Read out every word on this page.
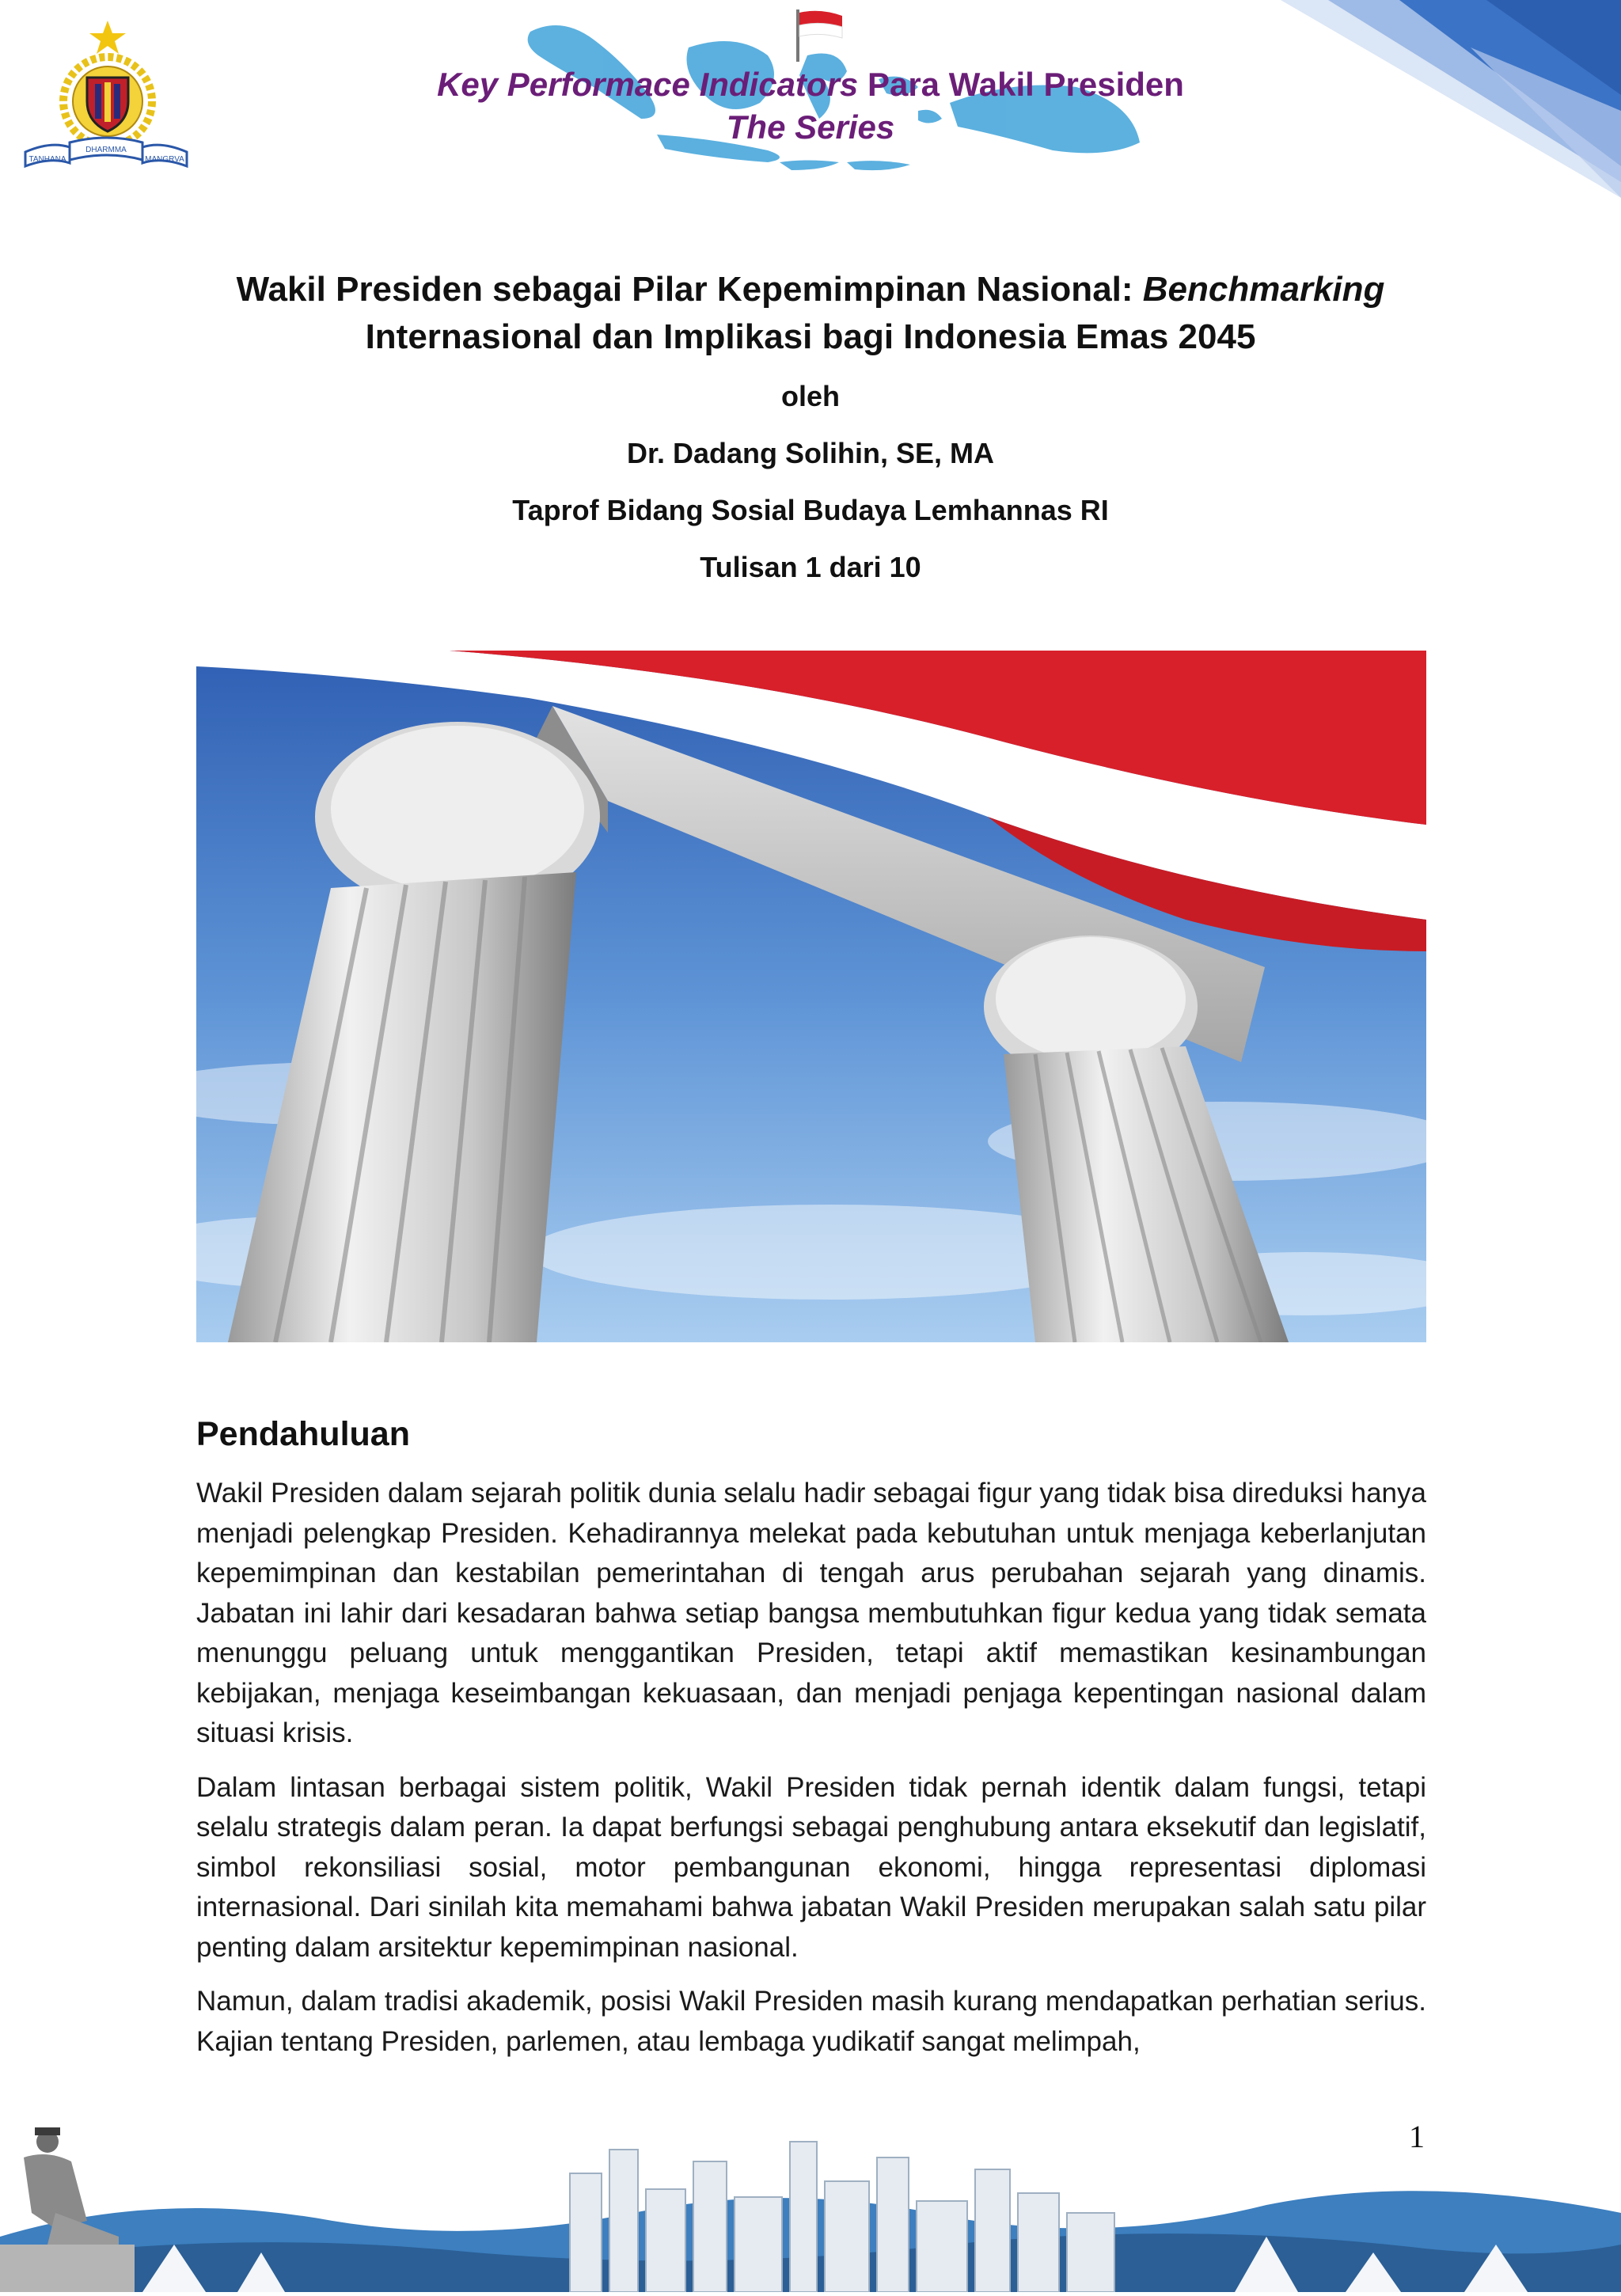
TANHANA
DHARMMA
MANGRVA
Key Performace Indicators Para Wakil Presiden
The Series

Wakil Presiden sebagai Pilar Kepemimpinan Nasional: Benchmarking

Internasional dan Implikasi bagi Indonesia Emas 2045

oleh

Dr. Dadang Solihin, SE, MA

Taprof Bidang Sosial Budaya Lemhannas RI

Tulisan 1 dari 10

Pendahuluan

Wakil Presiden dalam sejarah politik dunia selalu hadir sebagai figur yang tidak bisa direduksi hanya menjadi pelengkap Presiden. Kehadirannya melekat pada kebutuhan untuk menjaga keberlanjutan kepemimpinan dan kestabilan pemerintahan di tengah arus perubahan sejarah yang dinamis. Jabatan ini lahir dari kesadaran bahwa setiap bangsa membutuhkan figur kedua yang tidak semata menunggu peluang untuk menggantikan Presiden, tetapi aktif memastikan kesinambungan kebijakan, menjaga keseimbangan kekuasaan, dan menjadi penjaga kepentingan nasional dalam situasi krisis.

Dalam lintasan berbagai sistem politik, Wakil Presiden tidak pernah identik dalam fungsi, tetapi selalu strategis dalam peran. Ia dapat berfungsi sebagai penghubung antara eksekutif dan legislatif, simbol rekonsiliasi sosial, motor pembangunan ekonomi, hingga representasi diplomasi internasional. Dari sinilah kita memahami bahwa jabatan Wakil Presiden merupakan salah satu pilar penting dalam arsitektur kepemimpinan nasional.

Namun, dalam tradisi akademik, posisi Wakil Presiden masih kurang mendapatkan perhatian serius. Kajian tentang Presiden, parlemen, atau lembaga yudikatif sangat melimpah,

1
